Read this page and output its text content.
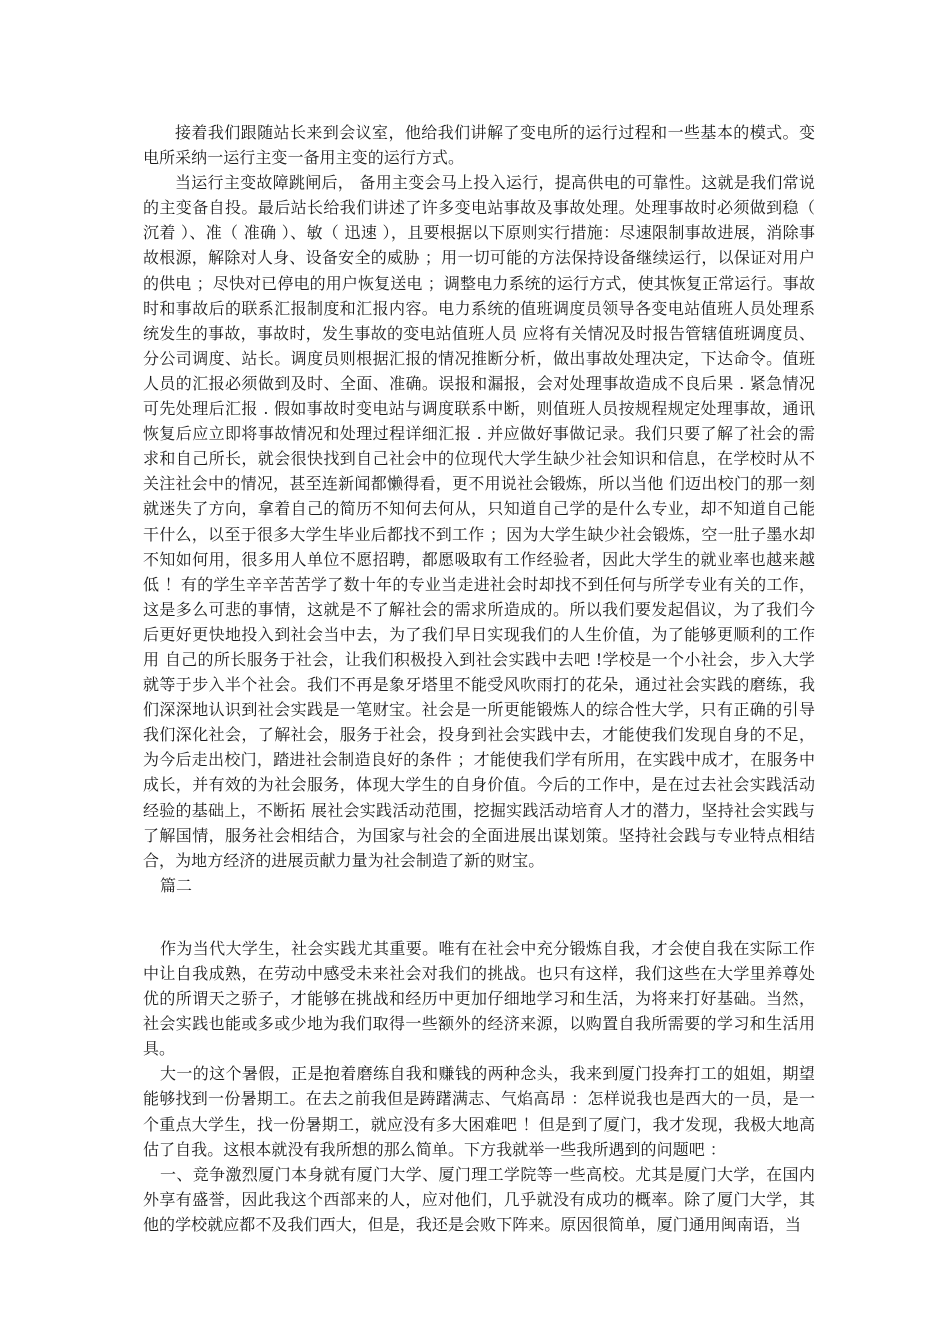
接着我们跟随站长来到会议室，他给我们讲解了变电所的运行过程和一些基本的模式。变电所采纳一运行主变一备用主变的运行方式。

当运行主变故障跳闸后， 备用主变会马上投入运行，提高供电的可靠性。这就是我们常说的主变备自投。最后站长给我们讲述了许多变电站事故及事故处理。处理事故时必须做到稳（ 沉着 ）、准（ 准确 ）、敏（ 迅速 ），且要根据以下原则实行措施：尽速限制事故进展，消除事故根源，解除对人身、设备安全的威胁 ；用一切可能的方法保持设备继续运行，以保证对用户的供电 ；尽快对已停电的用户恢复送电 ；调整电力系统的运行方式，使其恢复正常运行。事故时和事故后的联系汇报制度和汇报内容。电力系统的值班调度员领导各变电站值班人员处理系统发生的事故，事故时，发生事故的变电站值班人员 应将有关情况及时报告管辖值班调度员、分公司调度、站长。调度员则根据汇报的情况推断分析，做出事故处理决定，下达命令。值班人员的汇报必须做到及时、全面、准确。误报和漏报，会对处理事故造成不良后果 . 紧急情况可先处理后汇报 . 假如事故时变电站与调度联系中断，则值班人员按规程规定处理事故，通讯恢复后应立即将事故情况和处理过程详细汇报 . 并应做好事做记录。我们只要了解了社会的需求和自己所长，就会很快找到自己社会中的位现代大学生缺少社会知识和信息，在学校时从不关注社会中的情况，甚至连新闻都懒得看，更不用说社会锻炼，所以当他 们迈出校门的那一刻就迷失了方向，拿着自己的简历不知何去何从，只知道自己学的是什么专业，却不知道自己能干什么，以至于很多大学生毕业后都找不到工作 ；因为大学生缺少社会锻炼，空一肚子墨水却不知如何用，很多用人单位不愿招聘，都愿吸取有工作经验者，因此大学生的就业率也越来越低 ！有的学生辛辛苦苦学了数十年的专业当走进社会时却找不到任何与所学专业有关的工作，这是多么可悲的事情，这就是不了解社会的需求所造成的。所以我们要发起倡议，为了我们今后更好更快地投入到社会当中去，为了我们早日实现我们的人生价值，为了能够更顺利的工作用 自己的所长服务于社会，让我们积极投入到社会实践中去吧 !学校是一个小社会，步入大学就等于步入半个社会。我们不再是象牙塔里不能受风吹雨打的花朵，通过社会实践的磨练，我们深深地认识到社会实践是一笔财宝。社会是一所更能锻炼人的综合性大学，只有正确的引导我们深化社会，了解社会，服务于社会，投身到社会实践中去，才能使我们发现自身的不足，为今后走出校门，踏进社会制造良好的条件 ；才能使我们学有所用，在实践中成才，在服务中成长，并有效的为社会服务，体现大学生的自身价值。今后的工作中，是在过去社会实践活动经验的基础上，不断拓 展社会实践活动范围，挖掘实践活动培育人才的潜力，坚持社会实践与了解国情，服务社会相结合，为国家与社会的全面进展出谋划策。坚持社会践与专业特点相结合，为地方经济的进展贡献力量为社会制造了新的财宝。

篇二

作为当代大学生，社会实践尤其重要。唯有在社会中充分锻炼自我，才会使自我在实际工作中让自我成熟，在劳动中感受未来社会对我们的挑战。也只有这样，我们这些在大学里养尊处优的所谓天之骄子，才能够在挑战和经历中更加仔细地学习和生活，为将来打好基础。当然，社会实践也能或多或少地为我们取得一些额外的经济来源，以购置自我所需要的学习和生活用具。

大一的这个暑假，正是抱着磨练自我和赚钱的两种念头，我来到厦门投奔打工的姐姐，期望能够找到一份暑期工。在去之前我但是踌躇满志、气焰高昂 ：怎样说我也是西大的一员，是一个重点大学生，找一份暑期工，就应没有多大困难吧 ！但是到了厦门，我才发现，我极大地高估了自我。这根本就没有我所想的那么简单。下方我就举一些我所遇到的问题吧 ：

一、竞争激烈厦门本身就有厦门大学、厦门理工学院等一些高校。尤其是厦门大学，在国内外享有盛誉，因此我这个西部来的人，应对他们，几乎就没有成功的概率。除了厦门大学，其他的学校就应都不及我们西大，但是，我还是会败下阵来。原因很简单，厦门通用闽南语，当
